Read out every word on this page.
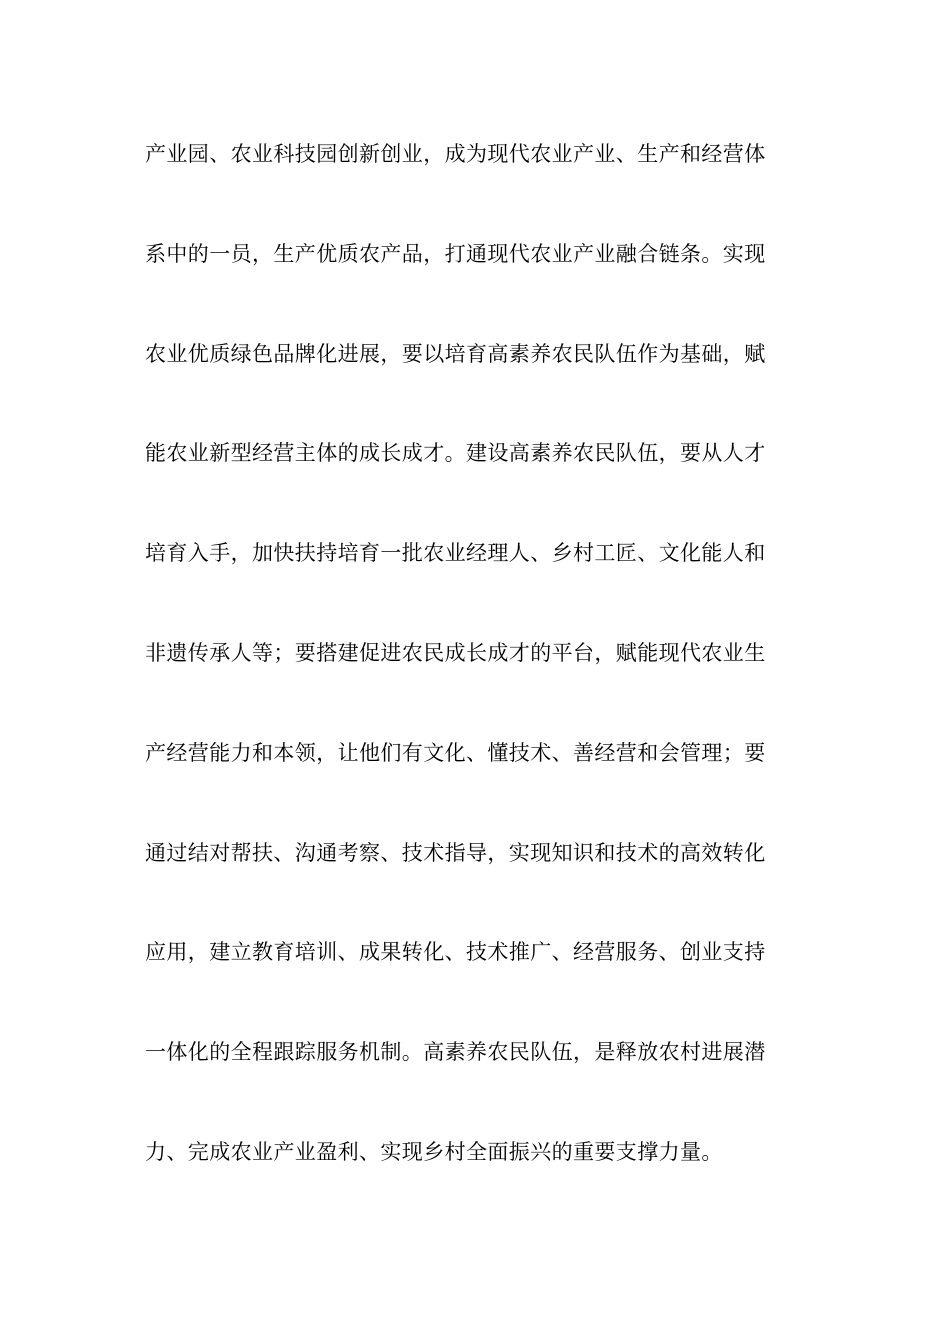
产业园、农业科技园创新创业，成为现代农业产业、生产和经营体
系中的一员，生产优质农产品，打通现代农业产业融合链条。实现
农业优质绿色品牌化进展，要以培育高素养农民队伍作为基础，赋
能农业新型经营主体的成长成才。建设高素养农民队伍，要从人才
培育入手，加快扶持培育一批农业经理人、乡村工匠、文化能人和
非遗传承人等；要搭建促进农民成长成才的平台，赋能现代农业生
产经营能力和本领，让他们有文化、懂技术、善经营和会管理；要
通过结对帮扶、沟通考察、技术指导，实现知识和技术的高效转化
应用，建立教育培训、成果转化、技术推广、经营服务、创业支持
一体化的全程跟踪服务机制。高素养农民队伍，是释放农村进展潜
力、完成农业产业盈利、实现乡村全面振兴的重要支撑力量。
